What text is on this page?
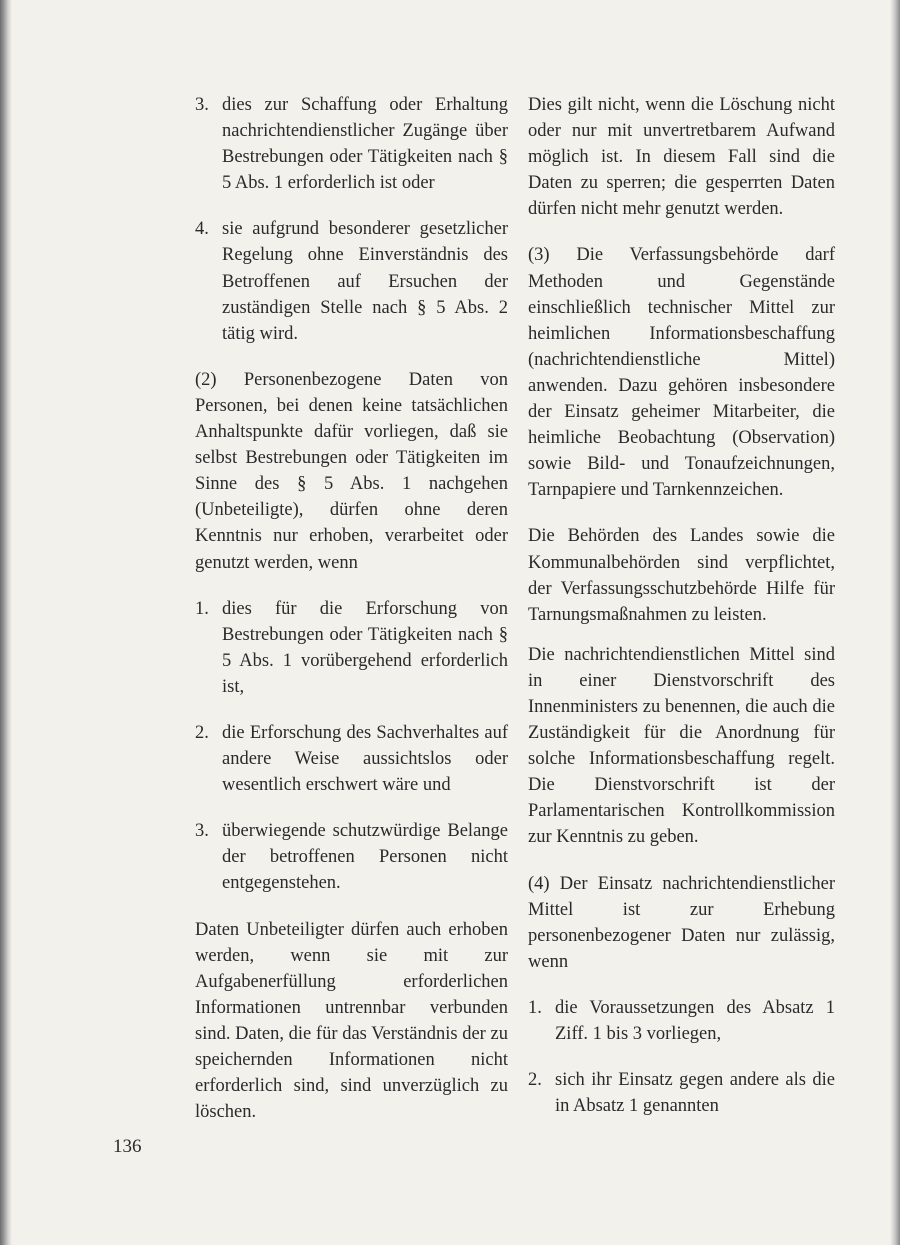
3. dies zur Schaffung oder Erhaltung nachrichtendienstlicher Zugänge über Bestrebungen oder Tätigkeiten nach § 5 Abs. 1 erforderlich ist oder
4. sie aufgrund besonderer gesetzlicher Regelung ohne Einverständnis des Betroffenen auf Ersuchen der zuständigen Stelle nach § 5 Abs. 2 tätig wird.

(2) Personenbezogene Daten von Personen, bei denen keine tatsächlichen Anhaltspunkte dafür vorliegen, daß sie selbst Bestrebungen oder Tätigkeiten im Sinne des § 5 Abs. 1 nachgehen (Unbeteiligte), dürfen ohne deren Kenntnis nur erhoben, verarbeitet oder genutzt werden, wenn

1. dies für die Erforschung von Bestrebungen oder Tätigkeiten nach § 5 Abs. 1 vorübergehend erforderlich ist,
2. die Erforschung des Sachverhaltes auf andere Weise aussichtslos oder wesentlich erschwert wäre und
3. überwiegende schutzwürdige Belange der betroffenen Personen nicht entgegenstehen.

Daten Unbeteiligter dürfen auch erhoben werden, wenn sie mit zur Aufgabenerfüllung erforderlichen Informationen untrennbar verbunden sind. Daten, die für das Verständnis der zu speichernden Informationen nicht erforderlich sind, sind unverzüglich zu löschen.

Dies gilt nicht, wenn die Löschung nicht oder nur mit unvertretbarem Aufwand möglich ist. In diesem Fall sind die Daten zu sperren; die gesperrten Daten dürfen nicht mehr genutzt werden.

(3) Die Verfassungsbehörde darf Methoden und Gegenstände einschließlich technischer Mittel zur heimlichen Informationsbeschaffung (nachrichtendienstliche Mittel) anwenden. Dazu gehören insbesondere der Einsatz geheimer Mitarbeiter, die heimliche Beobachtung (Observation) sowie Bild- und Tonaufzeichnungen, Tarnpapiere und Tarnkennzeichen.

Die Behörden des Landes sowie die Kommunalbehörden sind verpflichtet, der Verfassungsschutzbehörde Hilfe für Tarnungsmaßnahmen zu leisten.

Die nachrichtendienstlichen Mittel sind in einer Dienstvorschrift des Innenministers zu benennen, die auch die Zuständigkeit für die Anordnung für solche Informationsbeschaffung regelt. Die Dienstvorschrift ist der Parlamentarischen Kontrollkommission zur Kenntnis zu geben.

(4) Der Einsatz nachrichtendienstlicher Mittel ist zur Erhebung personenbezogener Daten nur zulässig, wenn

1. die Voraussetzungen des Absatz 1 Ziff. 1 bis 3 vorliegen,
2. sich ihr Einsatz gegen andere als die in Absatz 1 genannten
136
